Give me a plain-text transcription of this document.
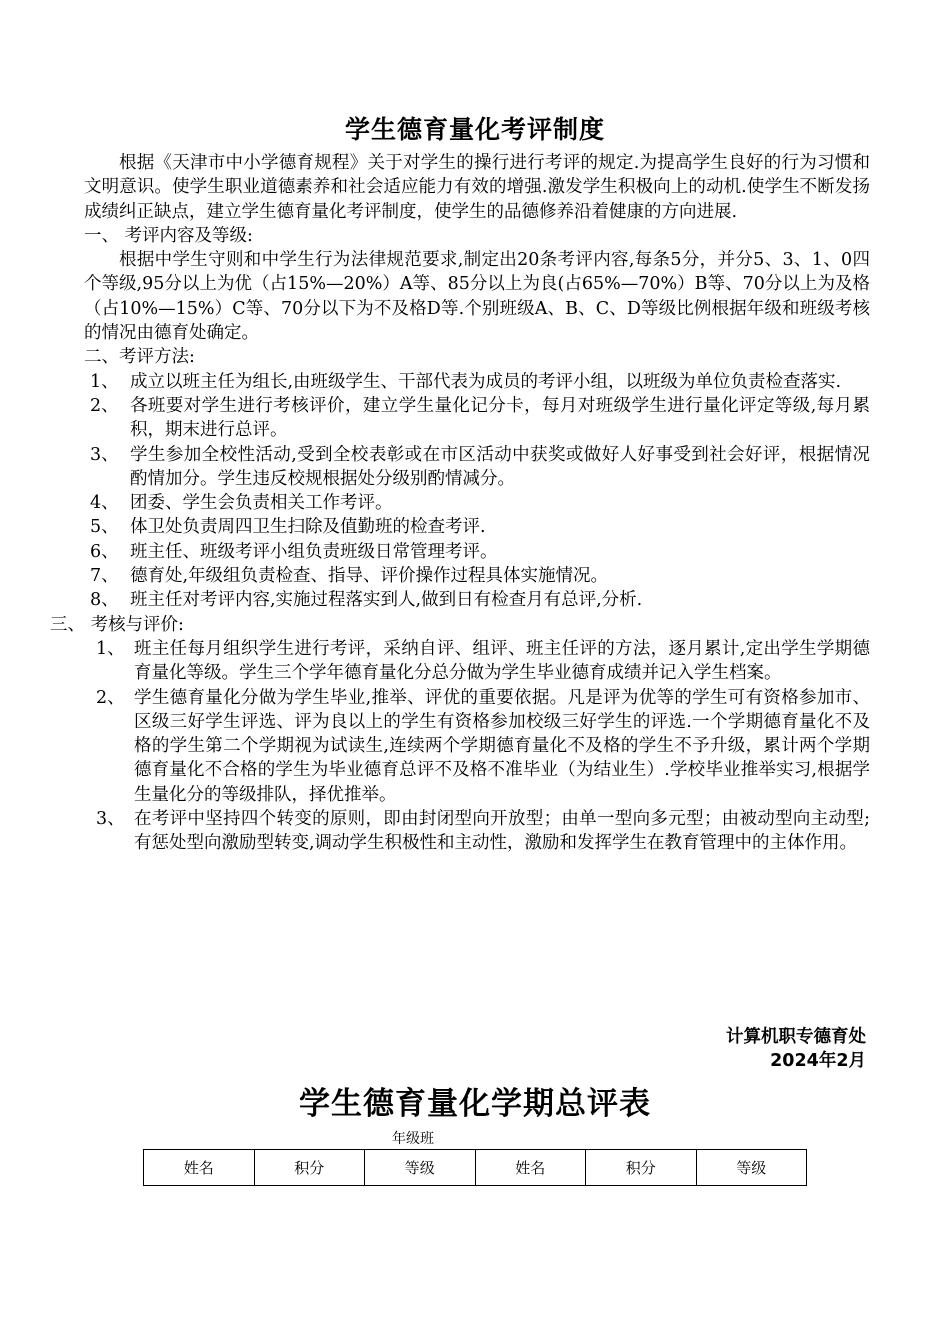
学生德育量化考评制度

根据《天津市中小学德育规程》关于对学生的操行进行考评的规定.为提高学生良好的行为习惯和文明意识。使学生职业道德素养和社会适应能力有效的增强.激发学生积极向上的动机.使学生不断发扬成绩纠正缺点，建立学生德育量化考评制度，使学生的品德修养沿着健康的方向进展.

一、 考评内容及等级:

根据中学生守则和中学生行为法律规范要求,制定出20条考评内容,每条5分，并分5、3、1、0四个等级,95分以上为优（占15%—20%）A等、85分以上为良(占65%—70%）B等、70分以上为及格（占10%—15%）C等、70分以下为不及格D等.个别班级A、B、C、D等级比例根据年级和班级考核的情况由德育处确定。

二、考评方法:

1、 成立以班主任为组长,由班级学生、干部代表为成员的考评小组，以班级为单位负责检查落实.

2、 各班要对学生进行考核评价，建立学生量化记分卡，每月对班级学生进行量化评定等级,每月累积，期末进行总评。

3、 学生参加全校性活动,受到全校表彰或在市区活动中获奖或做好人好事受到社会好评，根据情况酌情加分。学生违反校规根据处分级别酌情减分。

4、 团委、学生会负责相关工作考评。

5、 体卫处负责周四卫生扫除及值勤班的检查考评.

6、 班主任、班级考评小组负责班级日常管理考评。

7、 德育处,年级组负责检查、指导、评价操作过程具体实施情况。

8、 班主任对考评内容,实施过程落实到人,做到日有检查月有总评,分析.

三、 考核与评价:

1、 班主任每月组织学生进行考评，采纳自评、组评、班主任评的方法，逐月累计,定出学生学期德育量化等级。学生三个学年德育量化分总分做为学生毕业德育成绩并记入学生档案。

2、 学生德育量化分做为学生毕业,推举、评优的重要依据。凡是评为优等的学生可有资格参加市、区级三好学生评选、评为良以上的学生有资格参加校级三好学生的评选.一个学期德育量化不及格的学生第二个学期视为试读生,连续两个学期德育量化不及格的学生不予升级，累计两个学期德育量化不合格的学生为毕业德育总评不及格不准毕业（为结业生）.学校毕业推举实习,根据学生量化分的等级排队，择优推举。

3、 在考评中坚持四个转变的原则，即由封闭型向开放型；由单一型向多元型；由被动型向主动型;有惩处型向激励型转变,调动学生积极性和主动性，激励和发挥学生在教育管理中的主体作用。

计算机职专德育处
2024年2月
学生德育量化学期总评表
年级班
姓名	积分	等级	姓名	积分	等级
